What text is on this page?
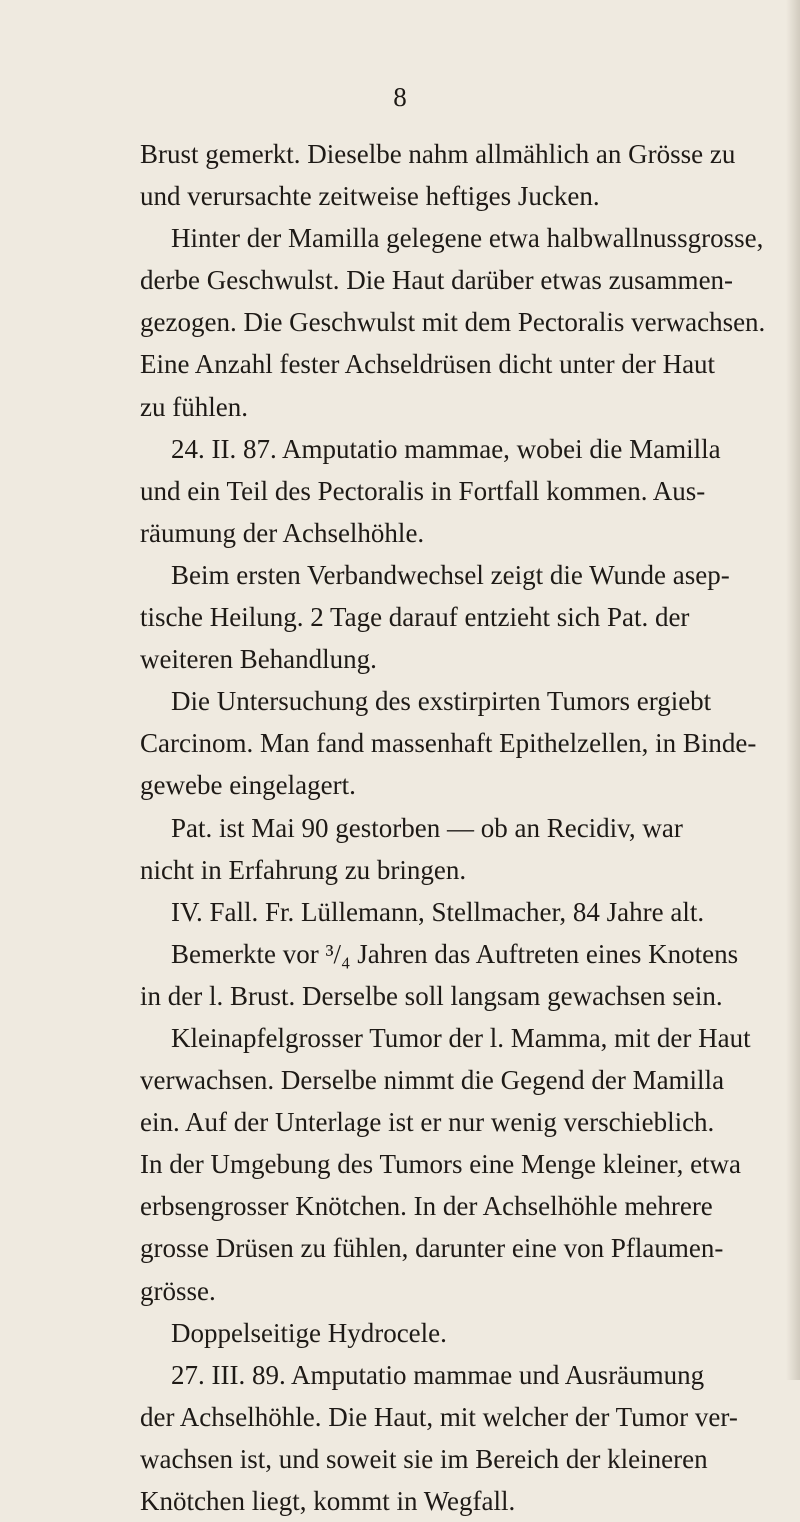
8
Brust gemerkt. Dieselbe nahm allmählich an Grösse zu
und verursachte zeitweise heftiges Jucken.
Hinter der Mamilla gelegene etwa halbwallnussgrosse,
derbe Geschwulst. Die Haut darüber etwas zusammen-
gezogen. Die Geschwulst mit dem Pectoralis verwachsen.
Eine Anzahl fester Achseldrüsen dicht unter der Haut
zu fühlen.
24. II. 87. Amputatio mammae, wobei die Mamilla
und ein Teil des Pectoralis in Fortfall kommen. Aus-
räumung der Achselhöhle.
Beim ersten Verbandwechsel zeigt die Wunde asep-
tische Heilung. 2 Tage darauf entzieht sich Pat. der
weiteren Behandlung.
Die Untersuchung des exstirpirten Tumors ergiebt
Carcinom. Man fand massenhaft Epithelzellen, in Binde-
gewebe eingelagert.
Pat. ist Mai 90 gestorben — ob an Recidiv, war
nicht in Erfahrung zu bringen.
IV. Fall. Fr. Lüllemann, Stellmacher, 84 Jahre alt.
Bemerkte vor ³/₄ Jahren das Auftreten eines Knotens
in der l. Brust. Derselbe soll langsam gewachsen sein.
Kleinapfelgrosser Tumor der l. Mamma, mit der Haut
verwachsen. Derselbe nimmt die Gegend der Mamilla
ein. Auf der Unterlage ist er nur wenig verschieblich.
In der Umgebung des Tumors eine Menge kleiner, etwa
erbsengrosser Knötchen. In der Achselhöhle mehrere
grosse Drüsen zu fühlen, darunter eine von Pflaumen-
grösse.
Doppelseitige Hydrocele.
27. III. 89. Amputatio mammae und Ausräumung
der Achselhöhle. Die Haut, mit welcher der Tumor ver-
wachsen ist, und soweit sie im Bereich der kleineren
Knötchen liegt, kommt in Wegfall.
